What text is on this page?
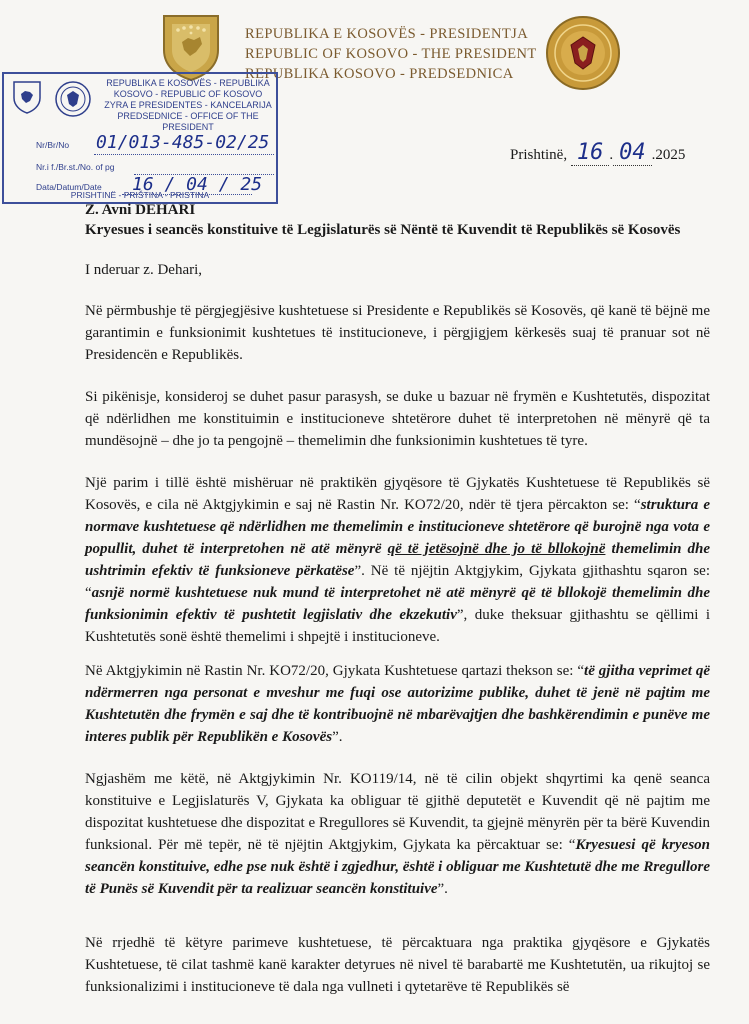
REPUBLIKA E KOSOVËS - PRESIDENTJA
REPUBLIC OF KOSOVO - THE PRESIDENT
REPUBLIKA KOSOVO - PREDSEDNICA
REPUBLIKA E KOSOVËS - REPUBLIKA
KOSOVO - REPUBLIC OF KOSOVO
ZYRA E PRESIDENTES - KANCELARIJA
PREDSEDNICE - OFFICE OF THE PRESIDENT
Nr/Br/No 01/013-485-02/25
Nr.i f./Br.st./No. of pg
Data/Datum/Date 16 / 04 / 25
PRISHTINË - PRIŠTINA - PRISTINA
Prishtinë, 16 . 04 .2025
Z. Avni DEHARI
Kryesues i seancës konstituive të Legjislaturës së Nëntë të Kuvendit të Republikës së Kosovës
I nderuar z. Dehari,
Në përmbushje të përgjegjësive kushtetuese si Presidente e Republikës së Kosovës, që kanë të bëjnë me garantimin e funksionimit kushtetues të institucioneve, i përgjigjem kërkesës suaj të pranuar sot në Presidencën e Republikës.
Si pikënisje, konsideroj se duhet pasur parasysh, se duke u bazuar në frymën e Kushtetutës, dispozitat që ndërlidhen me konstituimin e institucioneve shtetërore duhet të interpretohen në mënyrë që ta mundësojnë – dhe jo ta pengojnë – themelimin dhe funksionimin kushtetues të tyre.
Një parim i tillë është mishëruar në praktikën gjyqësore të Gjykatës Kushtetuese të Republikës së Kosovës, e cila në Aktgjykimin e saj në Rastin Nr. KO72/20, ndër të tjera përcakton se: “struktura e normave kushtetuese që ndërlidhen me themelimin e institucioneve shtetërore që burojnë nga vota e popullit, duhet të interpretohen në atë mënyrë që të jetësojnë dhe jo të bllokojnë themelimin dhe ushtrimin efektiv të funksioneve përkatëse”. Në të njëjtin Aktgjykim, Gjykata gjithashtu sqaron se: “asnjë normë kushtetuese nuk mund të interpretohet në atë mënyrë që të bllokojë themelimin dhe funksionimin efektiv të pushtetit legjislativ dhe ekzekutiv”, duke theksuar gjithashtu se qëllimi i Kushtetutës sonë është themelimi i shpejtë i institucioneve.
Në Aktgjykimin në Rastin Nr. KO72/20, Gjykata Kushtetuese qartazi thekson se: “të gjitha veprimet që ndërmerren nga personat e mveshur me fuqi ose autorizime publike, duhet të jenë në pajtim me Kushtetutën dhe frymën e saj dhe të kontribuojnë në mbarëvajtjen dhe bashkërendimin e punëve me interes publik për Republikën e Kosovës”.
Ngjashëm me këtë, në Aktgjykimin Nr. KO119/14, në të cilin objekt shqyrtimi ka qenë seanca konstituive e Legjislaturës V, Gjykata ka obliguar të gjithë deputetët e Kuvendit që në pajtim me dispozitat kushtetuese dhe dispozitat e Rregullores së Kuvendit, ta gjejnë mënyrën për ta bërë Kuvendin funksional. Për më tepër, në të njëjtin Aktgjykim, Gjykata ka përcaktuar se: “Kryesuesi që kryeson seancën konstituive, edhe pse nuk është i zgjedhur, është i obliguar me Kushtetutë dhe me Rregullore të Punës së Kuvendit për ta realizuar seancën konstituive”.
Në rrjedhë të këtyre parimeve kushtetuese, të përcaktuara nga praktika gjyqësore e Gjykatës Kushtetuese, të cilat tashmë kanë karakter detyrues në nivel të barabartë me Kushtetutën, ua rikujtoj se funksionalizimi i institucioneve të dala nga vullneti i qytetarëve të Republikës së
